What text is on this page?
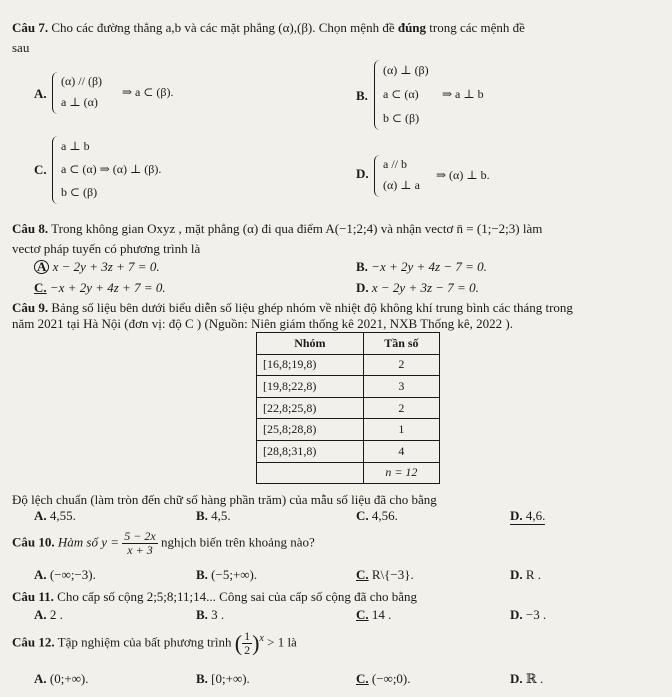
Câu 7. Cho các đường thẳng a,b và các mặt phẳng (α),(β). Chọn mệnh đề đúng trong các mệnh đề
sau
A.
(α) // (β)
a ⊥ (α)
⇒ a ⊂ (β).	B.
(α) ⊥ (β)
a ⊂ (α)
b ⊂ (β)
⇒ a ⊥ b
C.
a ⊥ b
a ⊂ (α) ⇒ (α) ⊥ (β).
b ⊂ (β)
D.
a // b
(α) ⊥ a
⇒ (α) ⊥ b.
Câu 8. Trong không gian Oxyz , mặt phẳng (α) đi qua điểm A(−1;2;4) và nhận vectơ n̄ = (1;−2;3) làm
vectơ pháp tuyến có phương trình là
A x − 2y + 3z + 7 = 0.	B. −x + 2y + 4z − 7 = 0.
C. −x + 2y + 4z + 7 = 0.	D. x − 2y + 3z − 7 = 0.
Câu 9. Bảng số liệu bên dưới biểu diễn số liệu ghép nhóm về nhiệt độ không khí trung bình các tháng trong
năm 2021 tại Hà Nội (đơn vị: độ C ) (Nguồn: Niên giám thống kê 2021, NXB Thống kê, 2022 ).
Nhóm	Tần số
[16,8;19,8)	2
[19,8;22,8)	3
[22,8;25,8)	2
[25,8;28,8)	1
[28,8;31,8)	4
	n = 12
Độ lệch chuẩn (làm tròn đến chữ số hàng phần trăm) của mẫu số liệu đã cho bằng
A. 4,55.	B. 4,5.	C. 4,56.	D. 4,6.
Câu 10. Hàm số $y = \frac{5 - 2x}{x + 3}$ nghịch biến trên khoảng nào?
A. (−∞;−3).	B. (−5;+∞).	C. R\{−3}.	D. R .
Câu 11. Cho cấp số cộng 2;5;8;11;14... Công sai của cấp số cộng đã cho bằng
A. 2 .	B. 3 .	C. 14 .	D. −3 .
Câu 12. Tập nghiệm của bất phương trình ( $\frac{1}{2} )^x > 1$ là
A. (0;+∞).	B. [0;+∞).	C. (−∞;0).	D. ℝ .
